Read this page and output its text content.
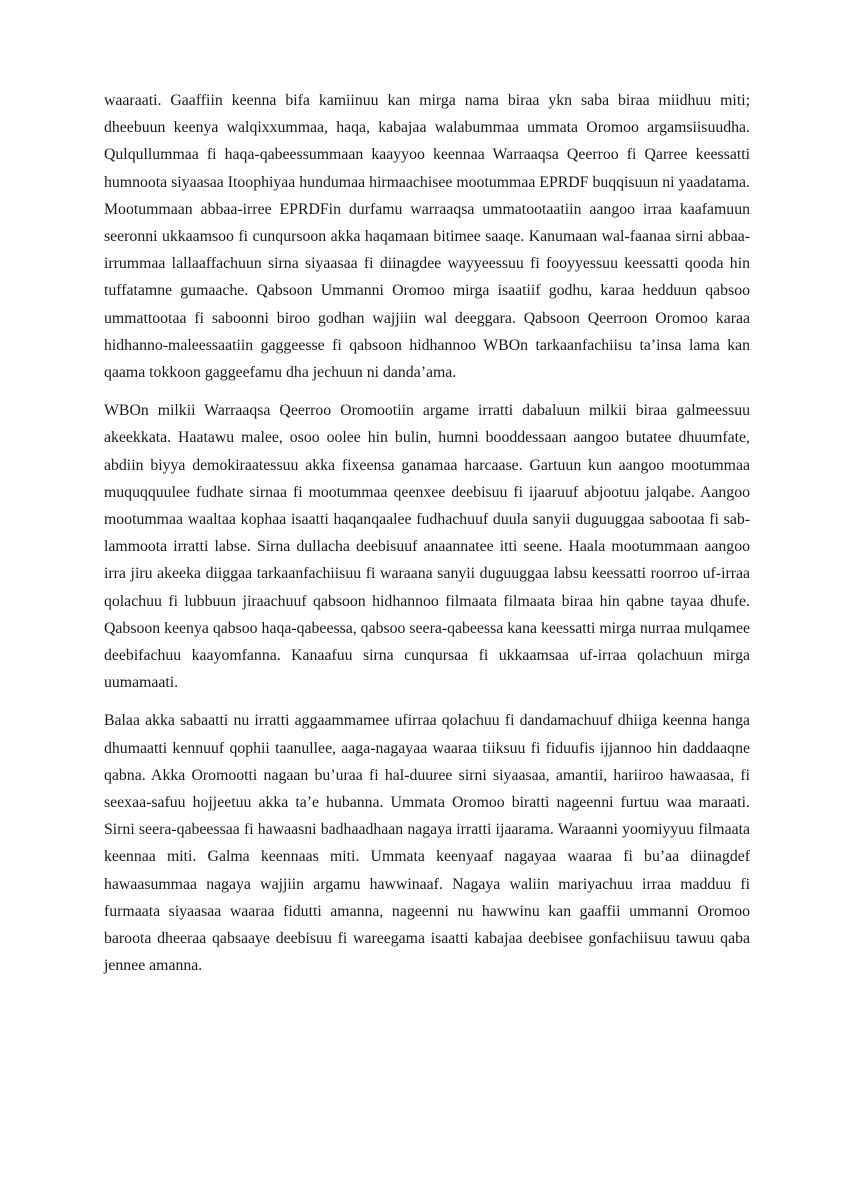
waaraati. Gaaffiin keenna bifa kamiinuu kan mirga nama biraa ykn saba biraa miidhuu miti; dheebuun keenya walqixxummaa, haqa, kabajaa walabummaa ummata Oromoo argamsiisuudha. Qulqullummaa fi haqa-qabeessummaan kaayyoo keennaa Warraaqsa Qeerroo fi Qarree keessatti humnoota siyaasaa Itoophiyaa hundumaa hirmaachisee mootummaa EPRDF buqqisuun ni yaadatama. Mootummaan abbaa-irree EPRDFin durfamu warraaqsa ummatootaatiin aangoo irraa kaafamuun seeronni ukkaamsoo fi cunqursoon akka haqamaan bitimee saaqe. Kanumaan wal-faanaa sirni abbaa-irrummaa lallaaffachuun sirna siyaasaa fi diinagdee wayyeessuu fi fooyyessuu keessatti qooda hin tuffatamne gumaache. Qabsoon Ummanni Oromoo mirga isaatiif godhu, karaa hedduun qabsoo ummattootaa fi saboonni biroo godhan wajjiin wal deeggara. Qabsoon Qeerroon Oromoo karaa hidhanno-maleessaatiin gaggeesse fi qabsoon hidhannoo WBOn tarkaanfachiisu ta’insa lama kan qaama tokkoon gaggeefamu dha jechuun ni danda’ama.

WBOn milkii Warraaqsa Qeerroo Oromootiin argame irratti dabaluun milkii biraa galmeessuu akeekkata. Haatawu malee, osoo oolee hin bulin, humni booddessaan aangoo butatee dhuumfate, abdiin biyya demokiraatessuu akka fixeensa ganamaa harcaase. Gartuun kun aangoo mootummaa muquqquulee fudhate sirnaa fi mootummaa qeenxee deebisuu fi ijaaruuf abjootuu jalqabe. Aangoo mootummaa waaltaa kophaa isaatti haqanqaalee fudhachuuf duula sanyii duguuggaa sabootaa fi sab-lammoota irratti labse. Sirna dullacha deebisuuf anaannatee itti seene. Haala mootummaan aangoo irra jiru akeeka diiggaa tarkaanfachiisuu fi waraana sanyii duguuggaa labsu keessatti roorroo uf-irraa qolachuu fi lubbuun jiraachuuf qabsoon hidhannoo filmaata filmaata biraa hin qabne tayaa dhufe. Qabsoon keenya qabsoo haqa-qabeessa, qabsoo seera-qabeessa kana keessatti mirga nurraa mulqamee deebifachuu kaayomfanna. Kanaafuu sirna cunqursaa fi ukkaamsaa uf-irraa qolachuun mirga uumamaati.

Balaa akka sabaatti nu irratti aggaammamee ufirraa qolachuu fi dandamachuuf dhiiga keenna hanga dhumaatti kennuuf qophii taanullee, aaga-nagayaa waaraa tiiksuu fi fiduufis ijjannoo hin daddaaqne qabna. Akka Oromootti nagaan bu’uraa fi hal-duuree sirni siyaasaa, amantii, hariiroo hawaasaa, fi seexaa-safuu hojjeetuu akka ta’e hubanna. Ummata Oromoo biratti nageenni furtuu waa maraati. Sirni seera-qabeessaa fi hawaasni badhaadhaan nagaya irratti ijaarama. Waraanni yoomiyyuu filmaata keennaa miti. Galma keennaas miti. Ummata keenyaaf nagayaa waaraa fi bu’aa diinagdef hawaasummaa nagaya wajjiin argamu hawwinaaf. Nagaya waliin mariyachuu irraa madduu fi furmaata siyaasaa waaraa fidutti amanna, nageenni nu hawwinu kan gaaffii ummanni Oromoo baroota dheeraa qabsaaye deebisuu fi wareegama isaatti kabajaa deebisee gonfachiisuu tawuu qaba jennee amanna.
